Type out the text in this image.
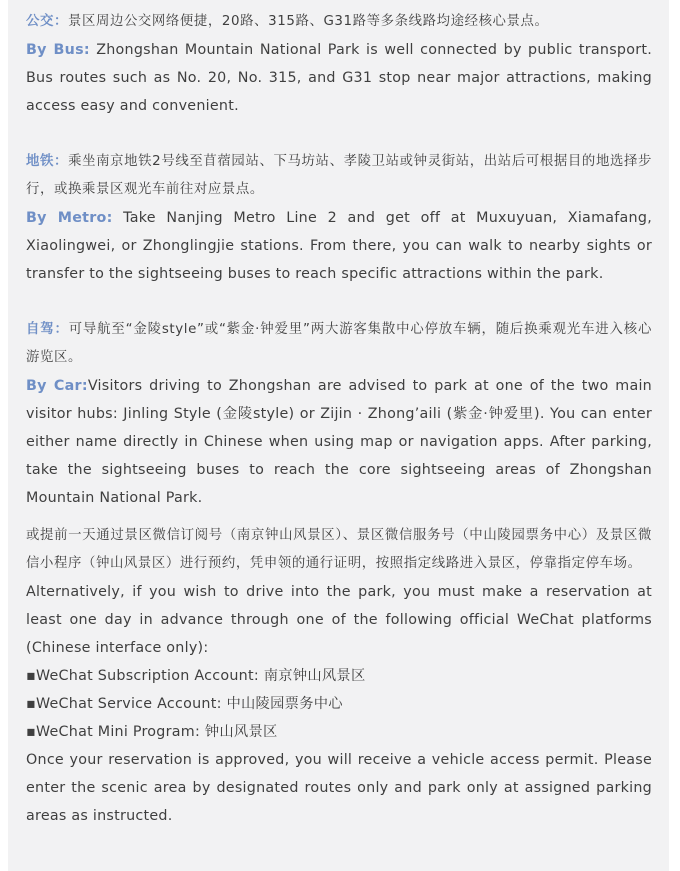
公交：景区周边公交网络便捷，20路、315路、G31路等多条线路均途经核心景点。

By Bus: Zhongshan Mountain National Park is well connected by public transport. Bus routes such as No. 20, No. 315, and G31 stop near major attractions, making access easy and convenient.

地铁：乘坐南京地铁2号线至苜蓿园站、下马坊站、孝陵卫站或钟灵街站，出站后可根据目的地选择步行，或换乘景区观光车前往对应景点。

By Metro: Take Nanjing Metro Line 2 and get off at Muxuyuan, Xiamafang, Xiaolingwei, or Zhonglingjie stations. From there, you can walk to nearby sights or transfer to the sightseeing buses to reach specific attractions within the park.

自驾：可导航至“金陵style”或“紫金·钟爱里”两大游客集散中心停放车辆，随后换乘观光车进入核心游览区。

By Car:Visitors driving to Zhongshan are advised to park at one of the two main visitor hubs: Jinling Style (金陵style) or Zijin · Zhong’aili (紫金·钟爱里). You can enter either name directly in Chinese when using map or navigation apps. After parking, take the sightseeing buses to reach the core sightseeing areas of Zhongshan Mountain National Park.

或提前一天通过景区微信订阅号（南京钟山风景区）、景区微信服务号（中山陵园票务中心）及景区微信小程序（钟山风景区）进行预约，凭申领的通行证明，按照指定线路进入景区，停靠指定停车场。

Alternatively, if you wish to drive into the park, you must make a reservation at least one day in advance through one of the following official WeChat platforms (Chinese interface only):

▪WeChat Subscription Account: 南京钟山风景区

▪WeChat Service Account: 中山陵园票务中心

▪WeChat Mini Program: 钟山风景区

Once your reservation is approved, you will receive a vehicle access permit. Please enter the scenic area by designated routes only and park only at assigned parking areas as instructed.
